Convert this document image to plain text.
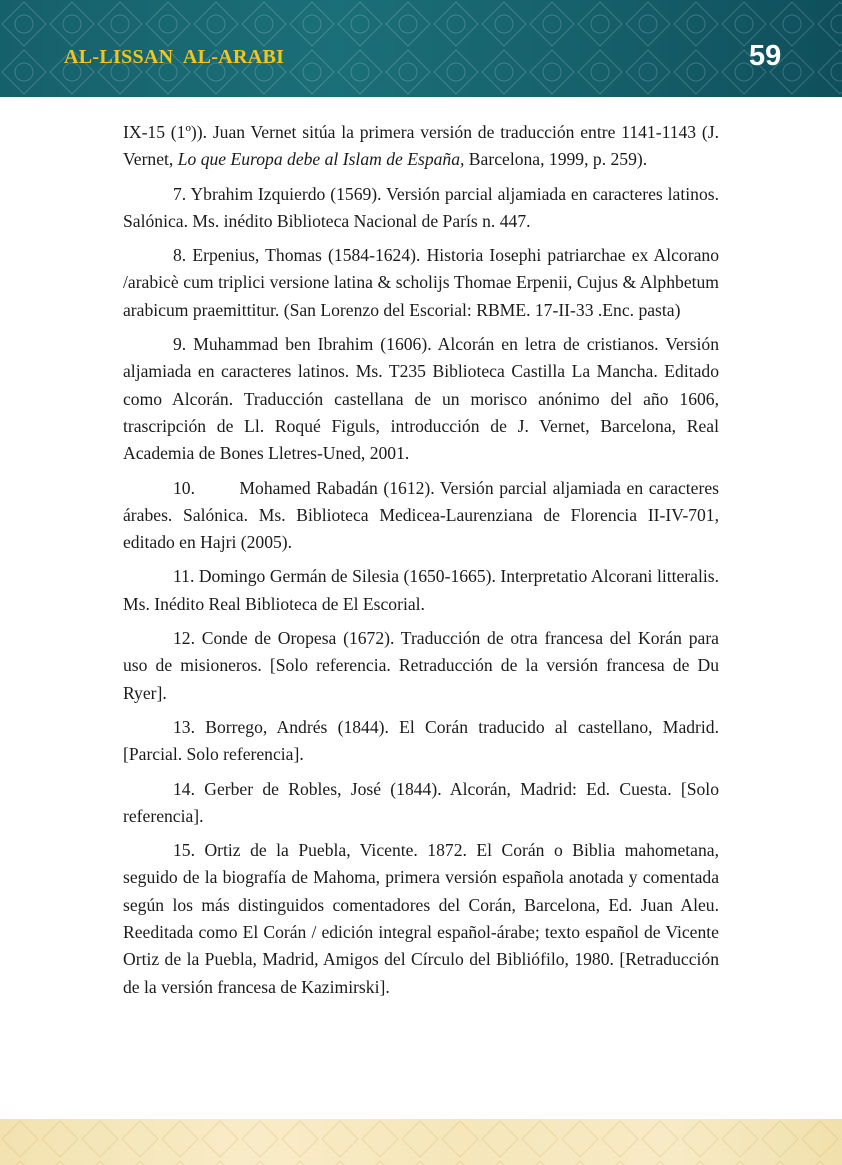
AL-LISSAN  AL-ARABI	59

IX-15 (1º)). Juan Vernet sitúa la primera versión de traducción entre 1141-1143 (J. Vernet, Lo que Europa debe al Islam de España, Barcelona, 1999, p. 259).

7. Ybrahim Izquierdo (1569). Versión parcial aljamiada en caracteres latinos. Salónica. Ms. inédito Biblioteca Nacional de París n. 447.

8. Erpenius, Thomas (1584-1624). Historia Iosephi patriarchae ex Alcorano /arabicè cum triplici versione latina & scholijs Thomae Erpenii, Cujus & Alphbetum arabicum praemittitur. (San Lorenzo del Escorial: RBME. 17-II-33 .Enc. pasta)

9. Muhammad ben Ibrahim (1606). Alcorán en letra de cristianos. Versión aljamiada en caracteres latinos. Ms. T235 Biblioteca Castilla La Mancha. Editado como Alcorán. Traducción castellana de un morisco anónimo del año 1606, trascripción de Ll. Roqué Figuls, introducción de J. Vernet, Barcelona, Real Academia de Bones Lletres-Uned, 2001.

10.        Mohamed Rabadán (1612). Versión parcial aljamiada en caracteres árabes. Salónica. Ms. Biblioteca Medicea-Laurenziana de Florencia II-IV-701, editado en Hajri (2005).

11. Domingo Germán de Silesia (1650-1665). Interpretatio Alcorani litteralis. Ms. Inédito Real Biblioteca de El Escorial.

12. Conde de Oropesa (1672). Traducción de otra francesa del Korán para uso de misioneros. [Solo referencia. Retraducción de la versión francesa de Du Ryer].

13. Borrego, Andrés (1844). El Corán traducido al castellano, Madrid. [Parcial. Solo referencia].

14. Gerber de Robles, José (1844). Alcorán, Madrid: Ed. Cuesta. [Solo referencia].

15. Ortiz de la Puebla, Vicente. 1872. El Corán o Biblia mahometana, seguido de la biografía de Mahoma, primera versión española anotada y comentada según los más distinguidos comentadores del Corán, Barcelona, Ed. Juan Aleu. Reeditada como El Corán / edición integral español-árabe; texto español de Vicente Ortiz de la Puebla, Madrid, Amigos del Círculo del Bibliófilo, 1980. [Retraducción de la versión francesa de Kazimirski].
